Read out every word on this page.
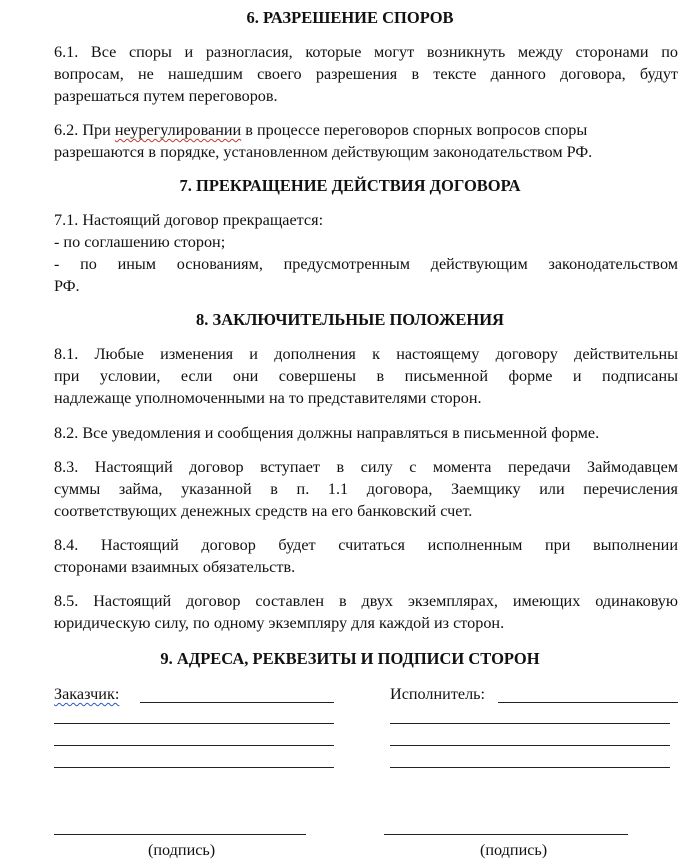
6. РАЗРЕШЕНИЕ СПОРОВ
6.1. Все споры и разногласия, которые могут возникнуть между сторонами по
вопросам, не нашедшим своего разрешения в тексте данного договора, будут
разрешаться путем переговоров.
6.2. При неурегулировании в процессе переговоров спорных вопросов споры
разрешаются в порядке, установленном действующим законодательством РФ.
7. ПРЕКРАЩЕНИЕ ДЕЙСТВИЯ ДОГОВОРА
7.1. Настоящий договор прекращается:
- по соглашению сторон;
- по иным основаниям, предусмотренным действующим законодательством
РФ.
8. ЗАКЛЮЧИТЕЛЬНЫЕ ПОЛОЖЕНИЯ
8.1. Любые изменения и дополнения к настоящему договору действительны
при условии, если они совершены в письменной форме и подписаны
надлежаще уполномоченными на то представителями сторон.
8.2. Все уведомления и сообщения должны направляться в письменной форме.
8.3. Настоящий договор вступает в силу с момента передачи Займодавцем
суммы займа, указанной в п. 1.1 договора, Заемщику или перечисления
соответствующих денежных средств на его банковский счет.
8.4. Настоящий договор будет считаться исполненным при выполнении
сторонами взаимных обязательств.
8.5. Настоящий договор составлен в двух экземплярах, имеющих одинаковую
юридическую силу, по одному экземпляру для каждой из сторон.
9. АДРЕСА, РЕКВЕЗИТЫ И ПОДПИСИ СТОРОН
Заказчик:	Исполнитель:
(подпись)	(подпись)
